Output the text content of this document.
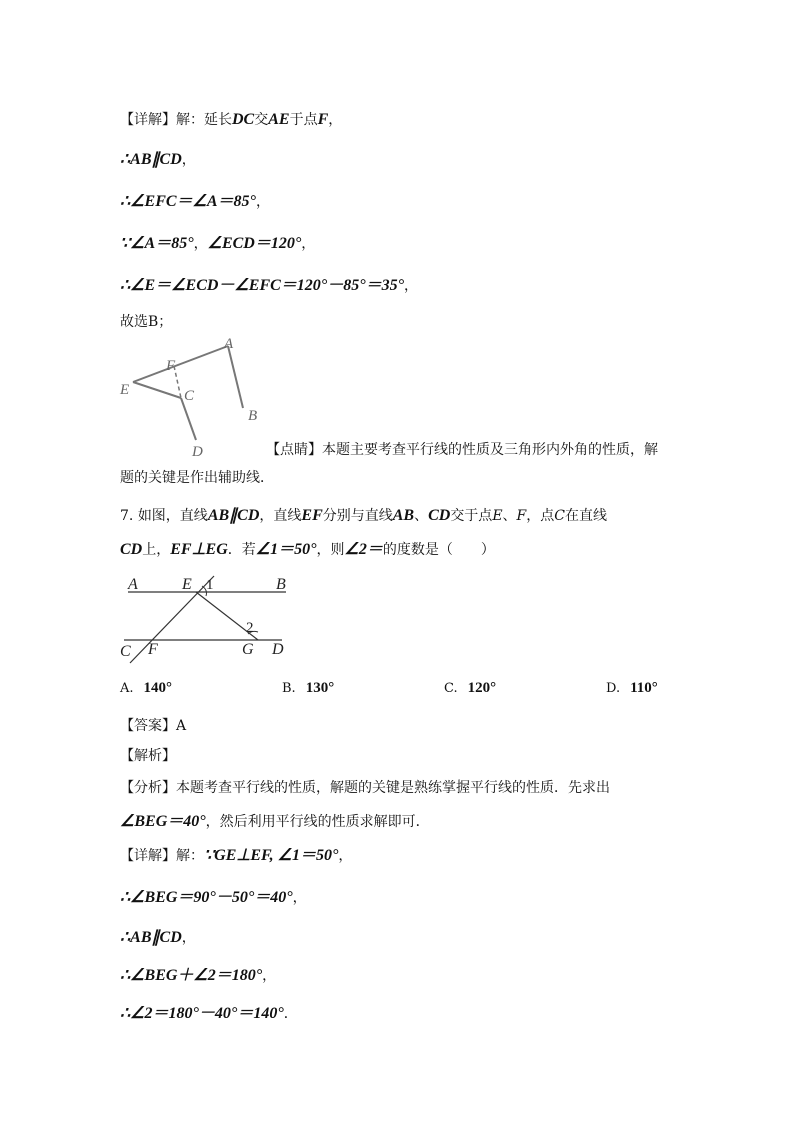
【详解】解：延长DC交AE于点F，
∴AB∥CD，
∴∠EFC＝∠A＝85°，
∵∠A＝85°，∠ECD＝120°，
∴∠E＝∠ECD－∠EFC＝120°－85°＝35°，
故选B；
A
B
C
D
E
F
【点睛】本题主要考查平行线的性质及三角形内外角的性质，解
题的关键是作出辅助线．
7. 如图，直线AB∥CD，直线EF分别与直线AB、CD交于点E、F，点C在直线
CD上，EF⊥EG．若∠1＝50°，则∠2＝的度数是（　　）
A	E 1	B
2
C F	G D
A. 140°	B. 130°	C. 120°	D. 110°
【答案】A
【解析】
【分析】本题考查平行线的性质，解题的关键是熟练掌握平行线的性质．先求出
∠BEG＝40°，然后利用平行线的性质求解即可．
【详解】解：∵GE⊥EF, ∠1＝50°，
∴∠BEG＝90°－50°＝40°，
∴AB∥CD，
∴∠BEG＋∠2＝180°，
∴∠2＝180°－40°＝140°．
